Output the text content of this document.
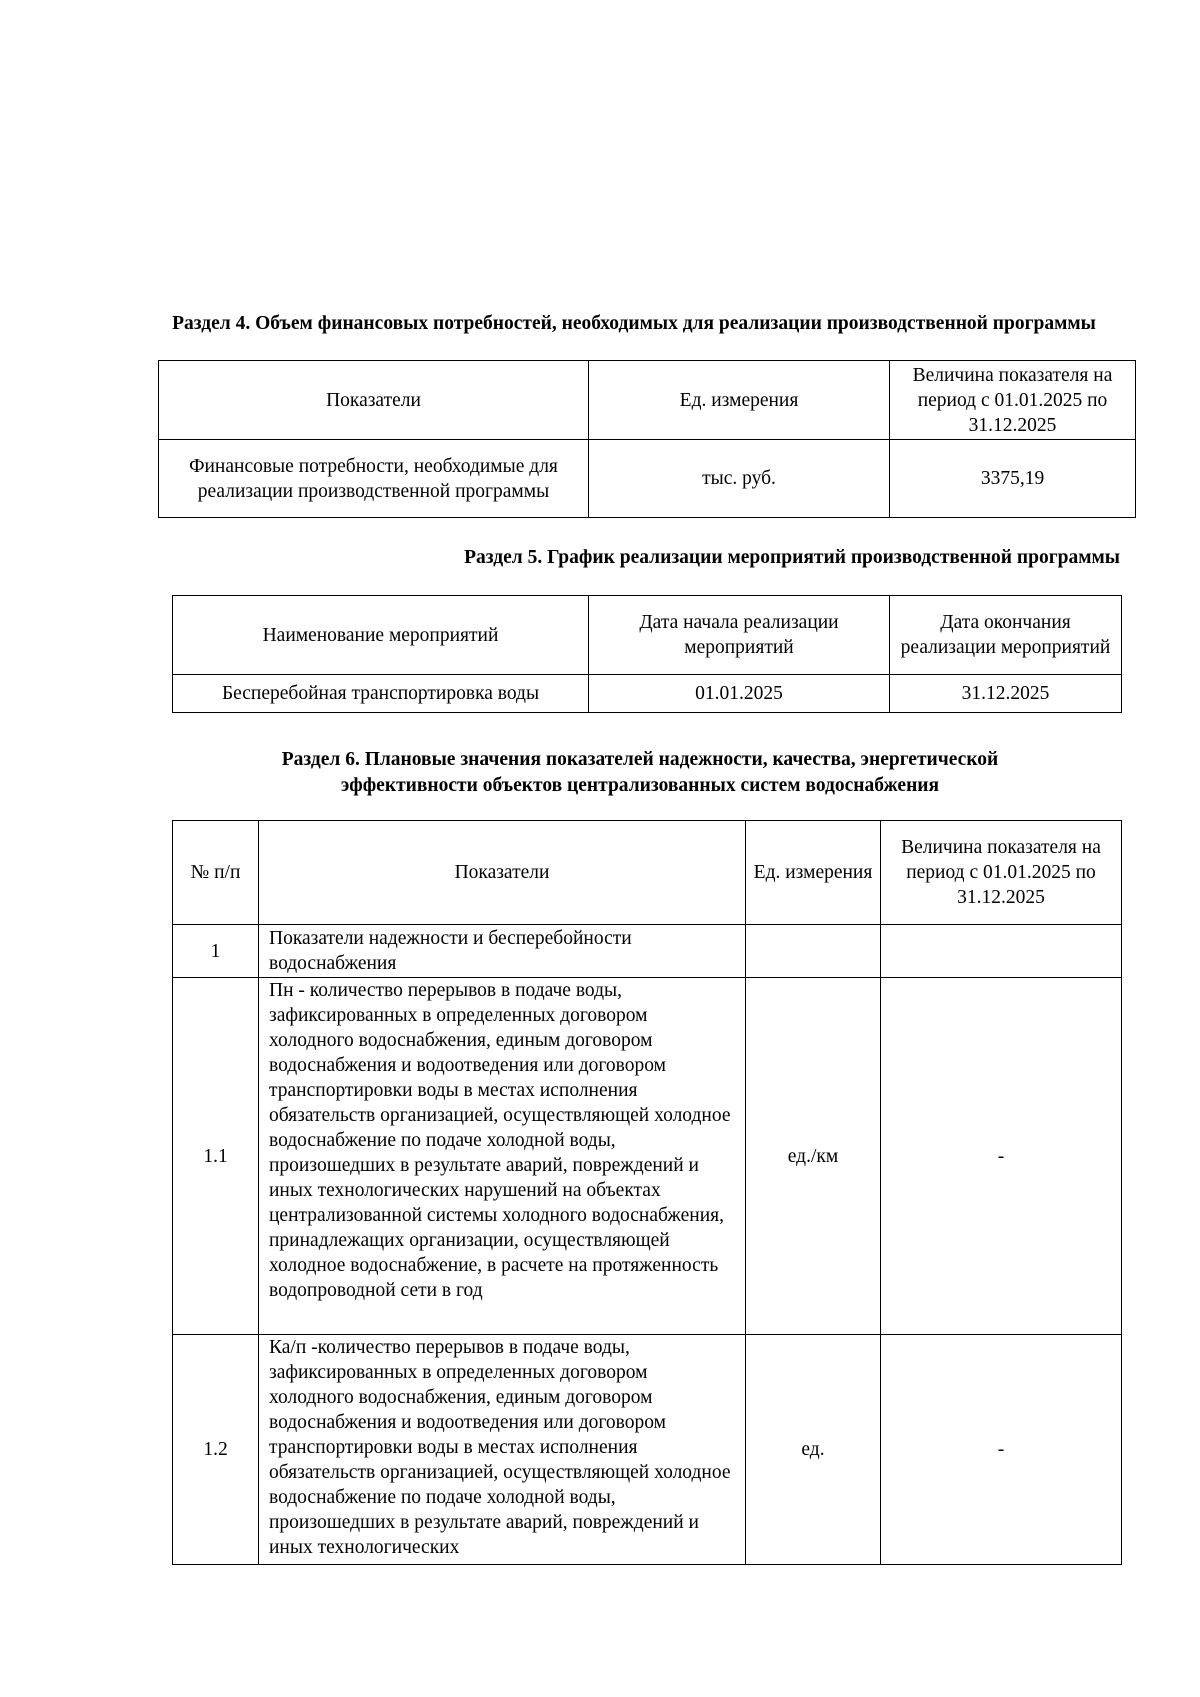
Раздел 4. Объем финансовых потребностей, необходимых для реализации производственной программы
Показатели	Ед. измерения	Величина показателя на период с 01.01.2025 по 31.12.2025
Финансовые потребности, необходимые для реализации производственной программы	тыс. руб.	3375,19
Раздел 5. График реализации мероприятий производственной программы
Наименование мероприятий	Дата начала реализации мероприятий	Дата окончания реализации мероприятий
Бесперебойная транспортировка воды	01.01.2025	31.12.2025
Раздел 6. Плановые значения показателей надежности, качества, энергетической эффективности объектов централизованных систем водоснабжения
№ п/п	Показатели	Ед. измерения	Величина показателя на период с 01.01.2025 по 31.12.2025
1	Показатели надежности и бесперебойности водоснабжения		
1.1	Пн - количество перерывов в подаче воды, зафиксированных в определенных договором холодного водоснабжения, единым договором водоснабжения и водоотведения или договором транспортировки воды в местах исполнения обязательств организацией, осуществляющей холодное водоснабжение по подаче холодной воды, произошедших в результате аварий, повреждений и иных технологических нарушений на объектах централизованной системы холодного водоснабжения, принадлежащих организации, осуществляющей холодное водоснабжение, в расчете на протяженность водопроводной сети в год	ед./км	-
1.2	Ка/п -количество перерывов в подаче воды, зафиксированных в определенных договором холодного водоснабжения, единым договором водоснабжения и водоотведения или договором транспортировки воды в местах исполнения обязательств организацией, осуществляющей холодное водоснабжение по подаче холодной воды, произошедших в результате аварий, повреждений и иных технологических	ед.	-
